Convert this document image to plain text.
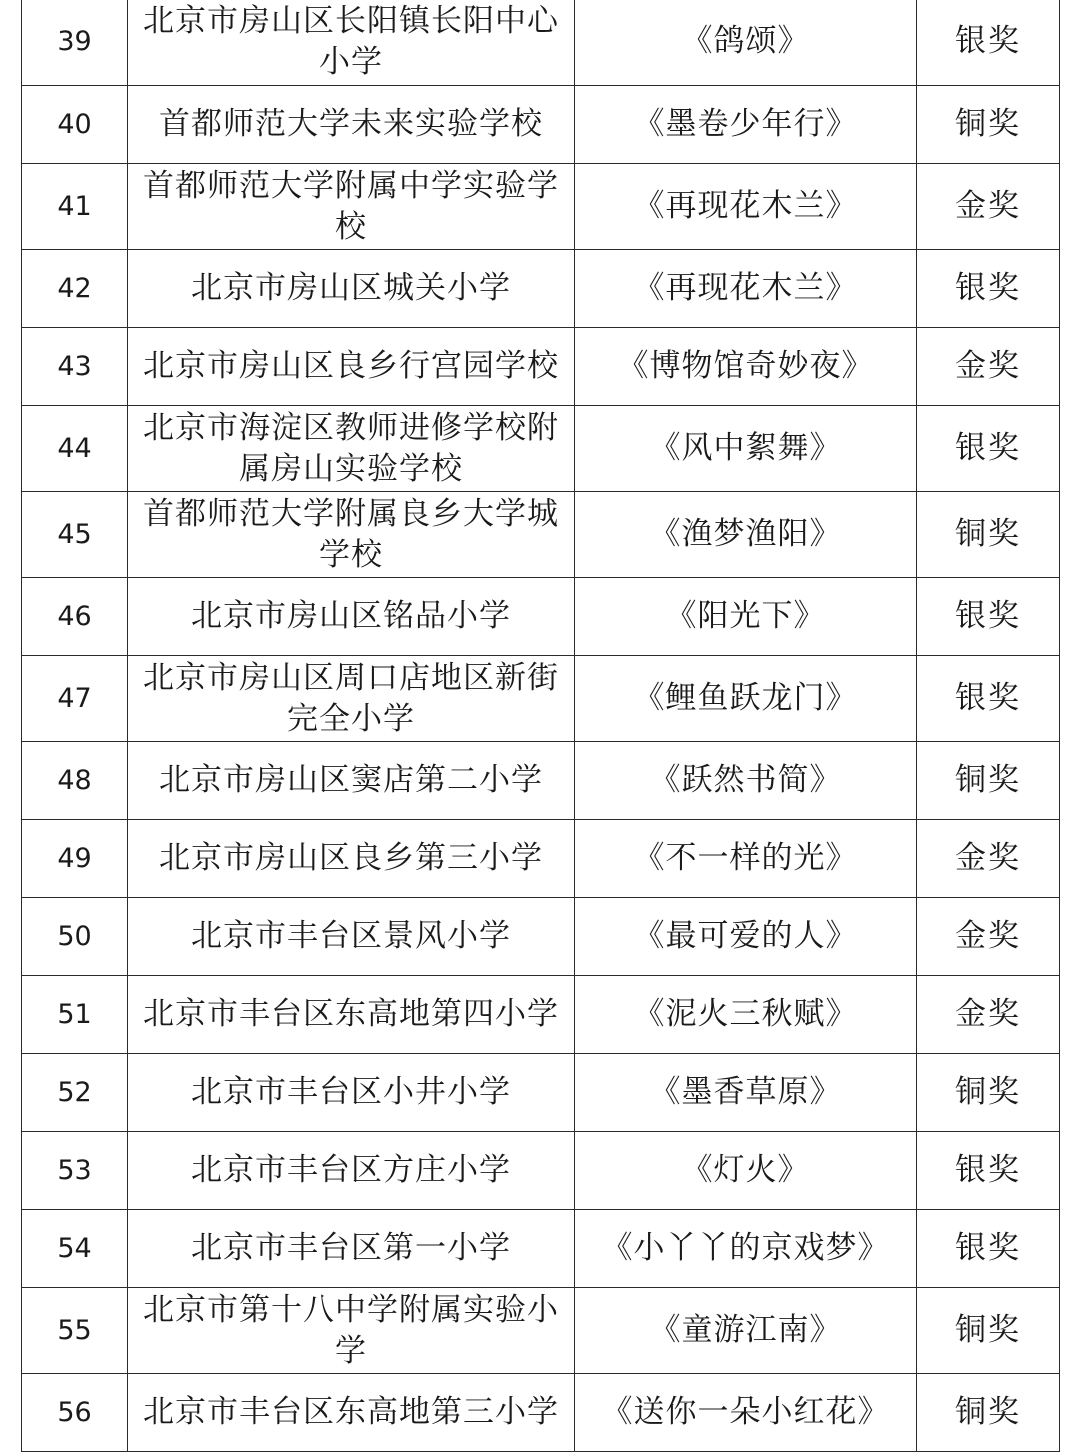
39	北京市房山区长阳镇长阳中心小学	《鸽颂》	银奖
40	首都师范大学未来实验学校	《墨卷少年行》	铜奖
41	首都师范大学附属中学实验学校	《再现花木兰》	金奖
42	北京市房山区城关小学	《再现花木兰》	银奖
43	北京市房山区良乡行宫园学校	《博物馆奇妙夜》	金奖
44	北京市海淀区教师进修学校附属房山实验学校	《风中絮舞》	银奖
45	首都师范大学附属良乡大学城学校	《渔梦渔阳》	铜奖
46	北京市房山区铭品小学	《阳光下》	银奖
47	北京市房山区周口店地区新街完全小学	《鲤鱼跃龙门》	银奖
48	北京市房山区窦店第二小学	《跃然书简》	铜奖
49	北京市房山区良乡第三小学	《不一样的光》	金奖
50	北京市丰台区景风小学	《最可爱的人》	金奖
51	北京市丰台区东高地第四小学	《泥火三秋赋》	金奖
52	北京市丰台区小井小学	《墨香草原》	铜奖
53	北京市丰台区方庄小学	《灯火》	银奖
54	北京市丰台区第一小学	《小丫丫的京戏梦》	银奖
55	北京市第十八中学附属实验小学	《童游江南》	铜奖
56	北京市丰台区东高地第三小学	《送你一朵小红花》	铜奖
